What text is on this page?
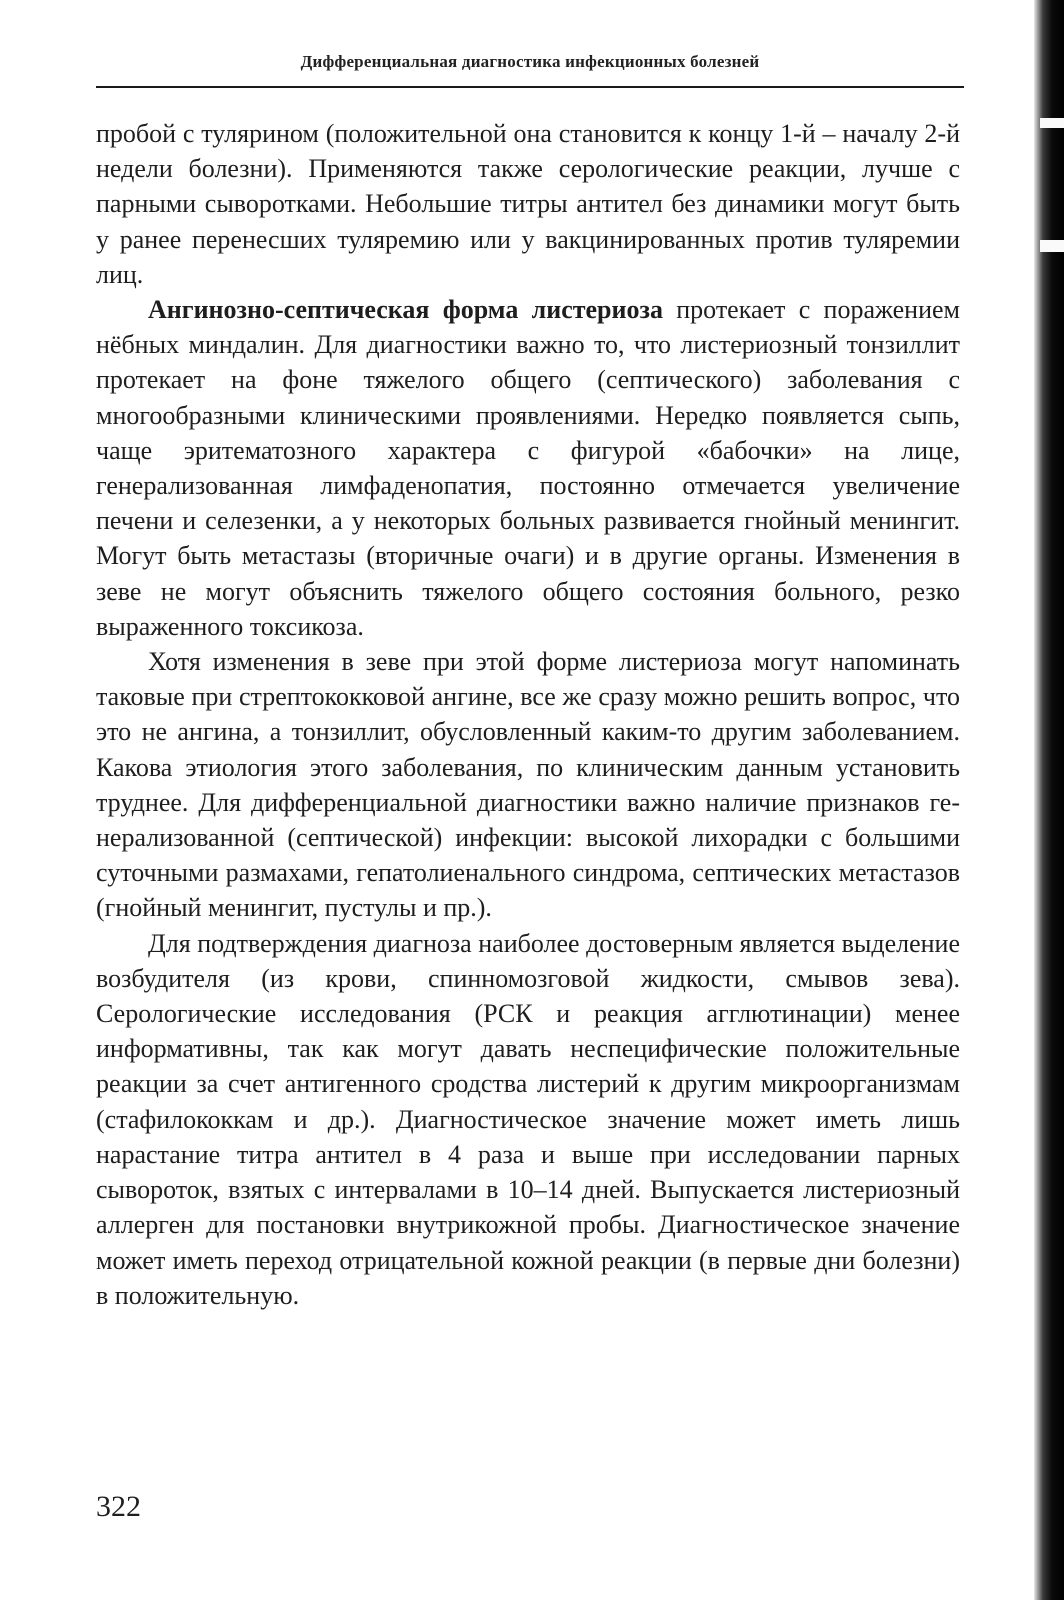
Дифференциальная диагностика инфекционных болезней

пробой с тулярином (положительной она становится к концу 1-й – началу 2-й недели болезни). Применяются также серологические реакции, лучше с парными сыворотками. Небольшие титры антител без динамики могут быть у ранее перенесших туляремию или у вакцинированных против туляремии лиц.

Ангинозно-септическая форма листериоза протекает с поражением нёбных миндалин. Для диагностики важно то, что листериозный тонзиллит протекает на фоне тяжелого общего (септического) заболевания с многообразными клиническими проявлениями. Нередко появляется сыпь, чаще эритематозного характера с фигурой «бабочки» на лице, генерализованная лимфаденопатия, постоянно отмечается увеличение печени и селезенки, а у некоторых больных развивается гнойный менингит. Могут быть метастазы (вторичные очаги) и в другие органы. Изменения в зеве не могут объяснить тяжелого общего состояния больного, резко выраженного токсикоза.

Хотя изменения в зеве при этой форме листериоза могут напоминать таковые при стрептококковой ангине, все же сразу можно решить вопрос, что это не ангина, а тонзиллит, обусловленный каким-то другим заболеванием. Какова этиология этого заболевания, по клиническим данным установить труднее. Для дифференциальной диагностики важно наличие признаков генерализованной (септической) инфекции: высокой лихорадки с большими суточными размахами, гепатолиенального синдрома, септических метастазов (гнойный менингит, пустулы и пр.).

Для подтверждения диагноза наиболее достоверным является выделение возбудителя (из крови, спинномозговой жидкости, смывов зева). Серологические исследования (РСК и реакция агглютинации) менее информативны, так как могут давать неспецифические положительные реакции за счет антигенного сродства листерий к другим микроорганизмам (стафилококкам и др.). Диагностическое значение может иметь лишь нарастание титра антител в 4 раза и выше при исследовании парных сывороток, взятых с интервалами в 10–14 дней. Выпускается листериозный аллерген для постановки внутрикожной пробы. Диагностическое значение может иметь переход отрицательной кожной реакции (в первые дни болезни) в положительную.

322
